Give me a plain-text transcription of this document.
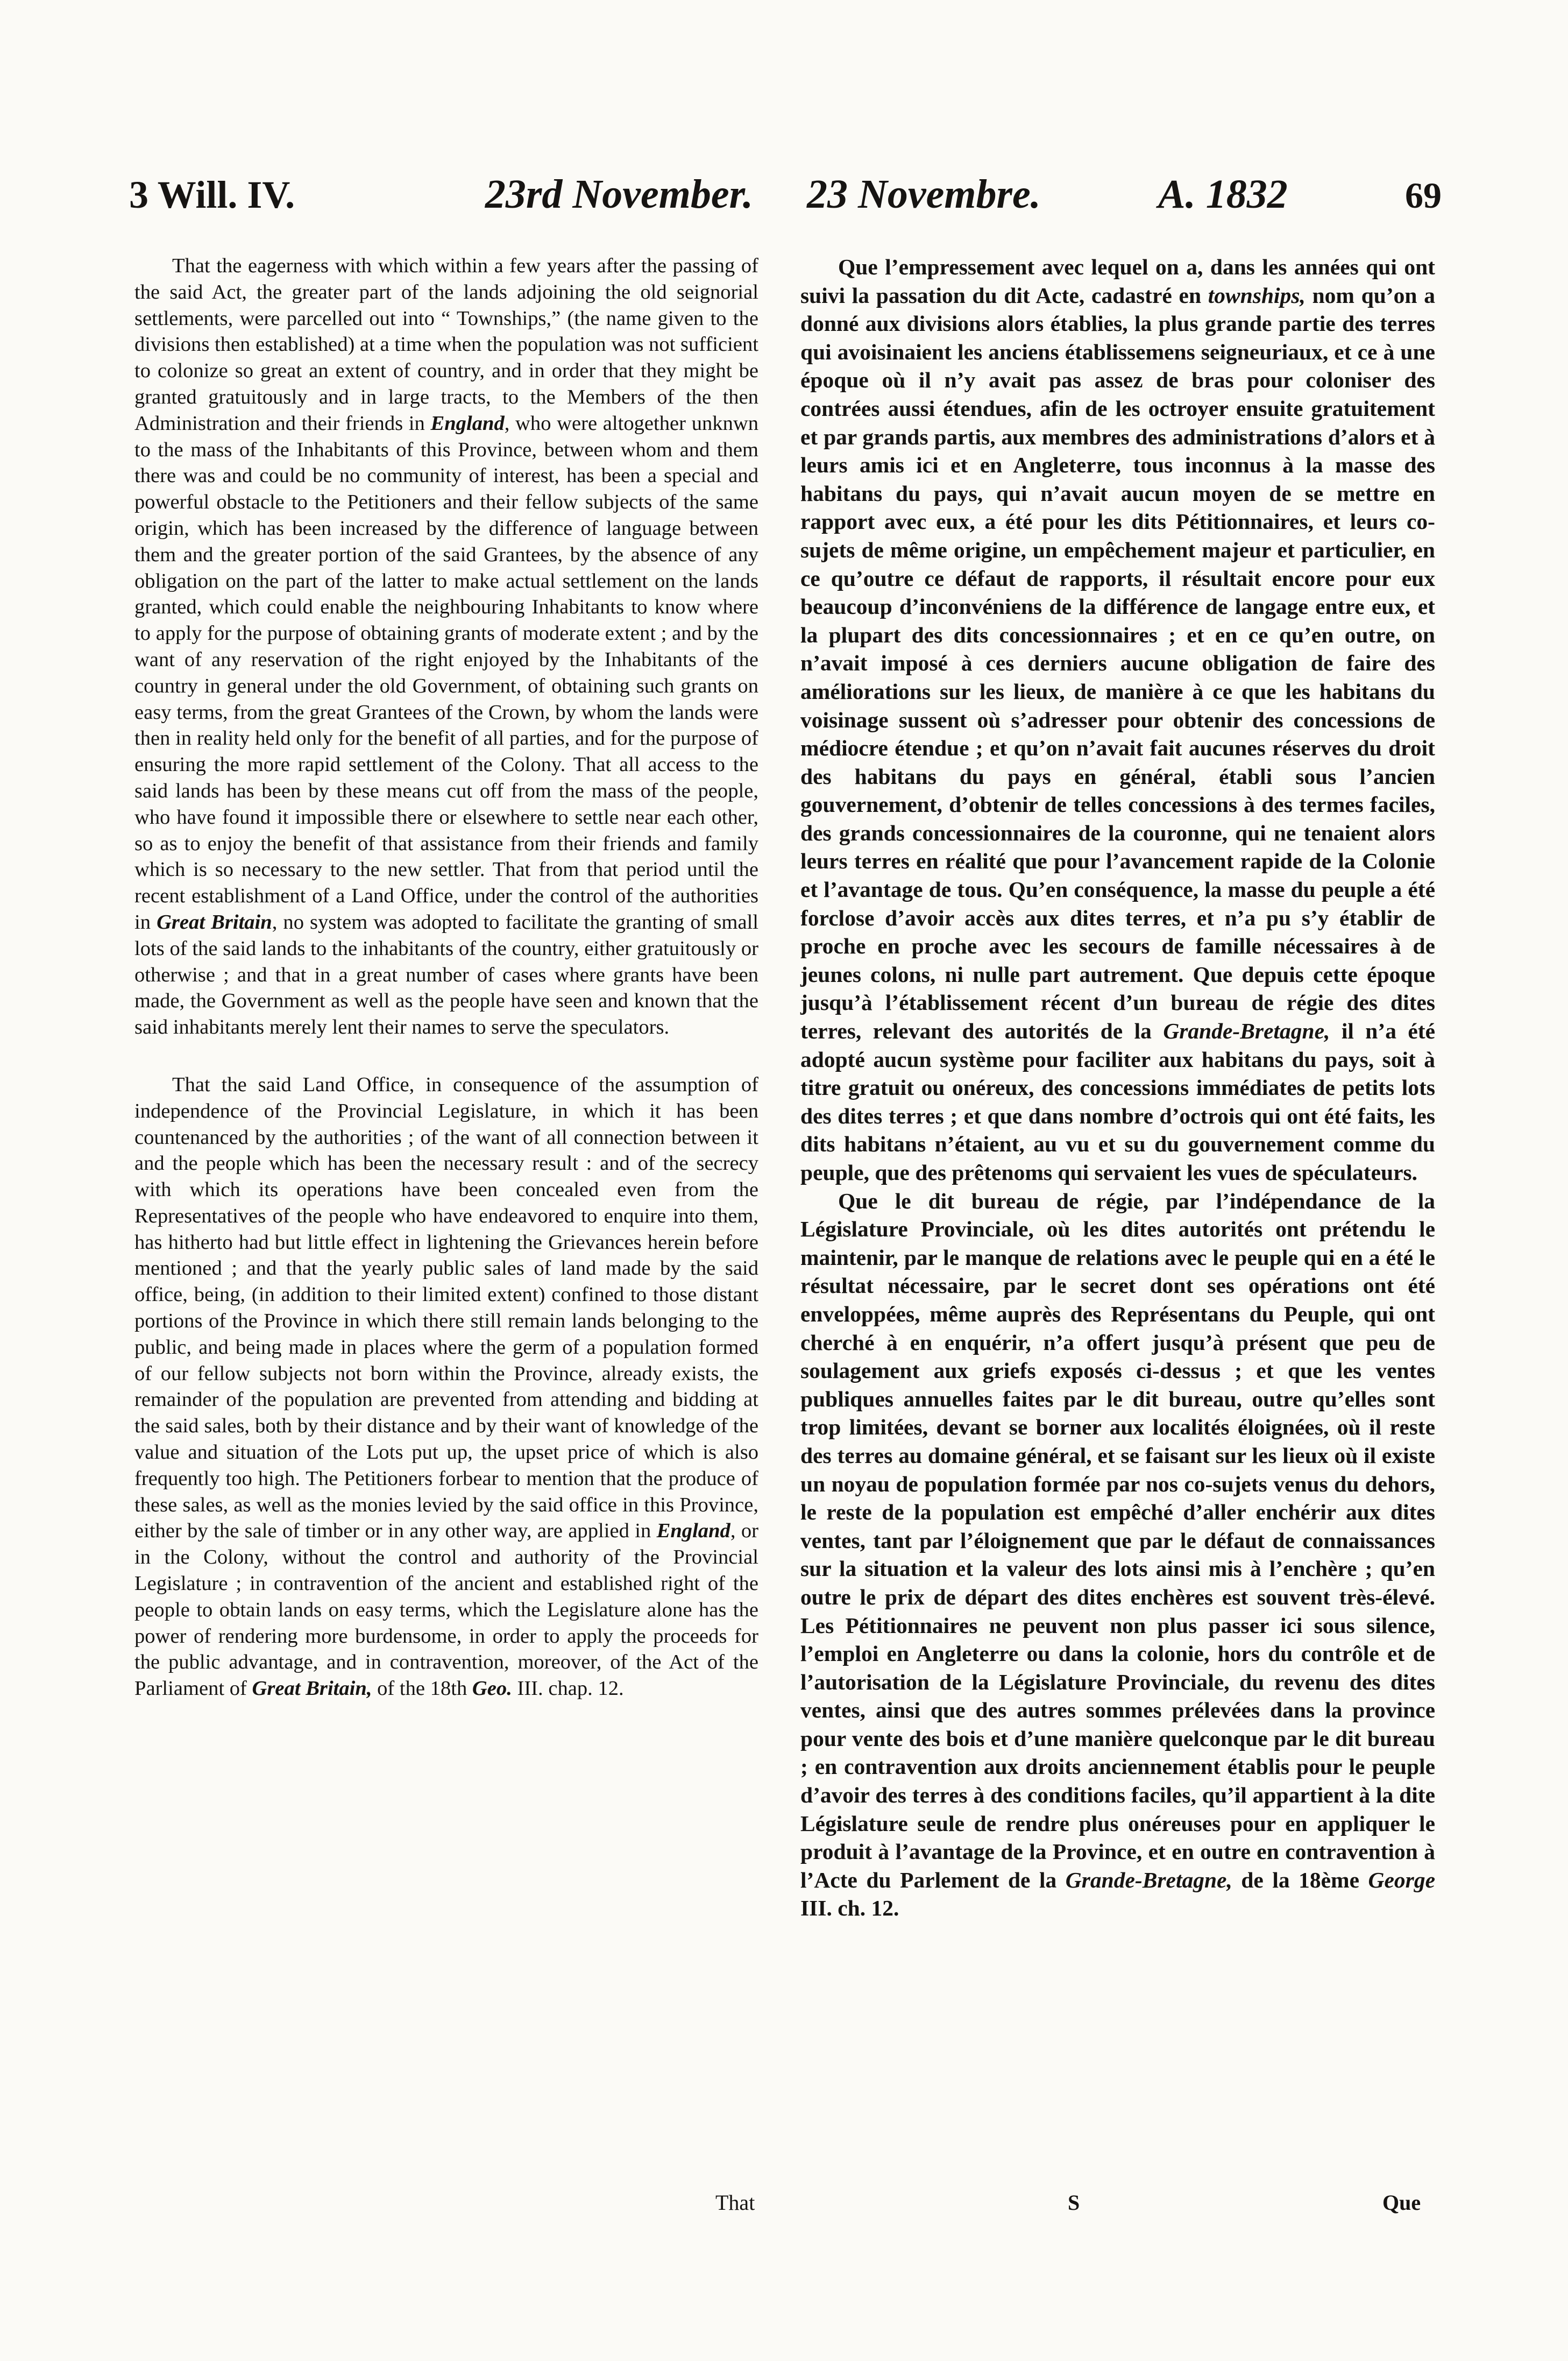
3 Will. IV.	23rd November. 23 Novembre.	A. 1832	69

That the eagerness with which within a few years after the passing of the said Act, the greater part of the lands adjoining the old seignorial settlements, were parcelled out into “ Townships,” (the name given to the divisions then established) at a time when the population was not sufficient to colonize so great an extent of country, and in order that they might be granted gratuitously and in large tracts, to the Members of the then Administration and their friends in England, who were altogether unknwn to the mass of the Inhabitants of this Province, between whom and them there was and could be no community of interest, has been a special and powerful obstacle to the Petitioners and their fellow subjects of the same origin, which has been increased by the difference of language between them and the greater portion of the said Grantees, by the absence of any obligation on the part of the latter to make actual settlement on the lands granted, which could enable the neighbouring Inhabitants to know where to apply for the purpose of obtaining grants of moderate extent ; and by the want of any reservation of the right enjoyed by the Inhabitants of the country in general under the old Government, of obtaining such grants on easy terms, from the great Grantees of the Crown, by whom the lands were then in reality held only for the benefit of all parties, and for the purpose of ensuring the more rapid settlement of the Colony. That all access to the said lands has been by these means cut off from the mass of the people, who have found it impossible there or elsewhere to settle near each other, so as to enjoy the benefit of that assistance from their friends and family which is so necessary to the new settler. That from that period until the recent establishment of a Land Office, under the control of the authorities in Great Britain, no system was adopted to facilitate the granting of small lots of the said lands to the inhabitants of the country, either gratuitously or otherwise ; and that in a great number of cases where grants have been made, the Government as well as the people have seen and known that the said inhabitants merely lent their names to serve the speculators.

That the said Land Office, in consequence of the assumption of independence of the Provincial Legislature, in which it has been countenanced by the authorities ; of the want of all connection between it and the people which has been the necessary result : and of the secrecy with which its operations have been concealed even from the Representatives of the people who have endeavored to enquire into them, has hitherto had but little effect in lightening the Grievances herein before mentioned ; and that the yearly public sales of land made by the said office, being, (in addition to their limited extent) confined to those distant portions of the Province in which there still remain lands belonging to the public, and being made in places where the germ of a population formed of our fellow subjects not born within the Province, already exists, the remainder of the population are prevented from attending and bidding at the said sales, both by their distance and by their want of knowledge of the value and situation of the Lots put up, the upset price of which is also frequently too high. The Petitioners forbear to mention that the produce of these sales, as well as the monies levied by the said office in this Province, either by the sale of timber or in any other way, are applied in England, or in the Colony, without the control and authority of the Provincial Legislature ; in contravention of the ancient and established right of the people to obtain lands on easy terms, which the Legislature alone has the power of rendering more burdensome, in order to apply the proceeds for the public advantage, and in contravention, moreover, of the Act of the Parliament of Great Britain, of the 18th Geo. III. chap. 12.

Que l’empressement avec lequel on a, dans les années qui ont suivi la passation du dit Acte, cadastré en townships, nom qu’on a donné aux divisions alors établies, la plus grande partie des terres qui avoisinaient les anciens établissemens seigneuriaux, et ce à une époque où il n’y avait pas assez de bras pour coloniser des contrées aussi étendues, afin de les octroyer ensuite gratuitement et par grands partis, aux membres des administrations d’alors et à leurs amis ici et en Angleterre, tous inconnus à la masse des habitans du pays, qui n’avait aucun moyen de se mettre en rapport avec eux, a été pour les dits Pétitionnaires, et leurs co-sujets de même origine, un empêchement majeur et particulier, en ce qu’outre ce défaut de rapports, il résultait encore pour eux beaucoup d’inconvéniens de la différence de langage entre eux, et la plupart des dits concessionnaires ; et en ce qu’en outre, on n’avait imposé à ces derniers aucune obligation de faire des améliorations sur les lieux, de manière à ce que les habitans du voisinage sussent où s’adresser pour obtenir des concessions de médiocre étendue ; et qu’on n’avait fait aucunes réserves du droit des habitans du pays en général, établi sous l’ancien gouvernement, d’obtenir de telles concessions à des termes faciles, des grands concessionnaires de la couronne, qui ne tenaient alors leurs terres en réalité que pour l’avancement rapide de la Colonie et l’avantage de tous. Qu’en conséquence, la masse du peuple a été forclose d’avoir accès aux dites terres, et n’a pu s’y établir de proche en proche avec les secours de famille nécessaires à de jeunes colons, ni nulle part autrement. Que depuis cette époque jusqu’à l’établissement récent d’un bureau de régie des dites terres, relevant des autorités de la Grande-Bretagne, il n’a été adopté aucun système pour faciliter aux habitans du pays, soit à titre gratuit ou onéreux, des concessions immédiates de petits lots des dites terres ; et que dans nombre d’octrois qui ont été faits, les dits habitans n’étaient, au vu et su du gouvernement comme du peuple, que des prêtenoms qui servaient les vues de spéculateurs.

Que le dit bureau de régie, par l’indépendance de la Législature Provinciale, où les dites autorités ont prétendu le maintenir, par le manque de relations avec le peuple qui en a été le résultat nécessaire, par le secret dont ses opérations ont été enveloppées, même auprès des Représentans du Peuple, qui ont cherché à en enquérir, n’a offert jusqu’à présent que peu de soulagement aux griefs exposés ci-dessus ; et que les ventes publiques annuelles faites par le dit bureau, outre qu’elles sont trop limitées, devant se borner aux localités éloignées, où il reste des terres au domaine général, et se faisant sur les lieux où il existe un noyau de population formée par nos co-sujets venus du dehors, le reste de la population est empêché d’aller enchérir aux dites ventes, tant par l’éloignement que par le défaut de connaissances sur la situation et la valeur des lots ainsi mis à l’enchère ; qu’en outre le prix de départ des dites enchères est souvent très-élevé. Les Pétitionnaires ne peuvent non plus passer ici sous silence, l’emploi en Angleterre ou dans la colonie, hors du contrôle et de l’autorisation de la Législature Provinciale, du revenu des dites ventes, ainsi que des autres sommes prélevées dans la province pour vente des bois et d’une manière quelconque par le dit bureau ; en contravention aux droits anciennement établis pour le peuple d’avoir des terres à des conditions faciles, qu’il appartient à la dite Législature seule de rendre plus onéreuses pour en appliquer le produit à l’avantage de la Province, et en outre en contravention à l’Acte du Parlement de la Grande-Bretagne, de la 18ème George III. ch. 12.

That	S	Que
